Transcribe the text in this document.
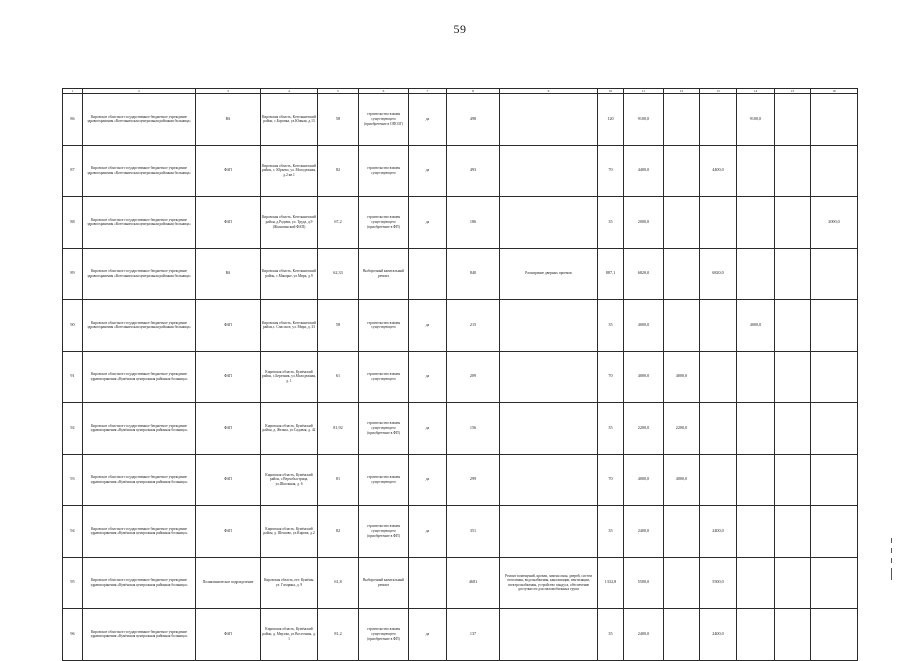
59
1	2	3	4	5	6	7	8	9	10	11	12	13	14	15	16
86	Кировское областное государственное бюджетное учреждение здравоохранения «Котельничская центральная районная больница»	ВА	Кировская область, Котельничский район, с.Боровка, ул.Южная, д.13	58	строительство взамен существующего (приобретение в ОПОЗГ)	да	498		120	9100,0			9100,0		
87	Кировское областное государственное бюджетное учреждение здравоохранения «Котельничская центральная районная больница»	ФАП	Кировская область, Котельничский район, с. Юрьево, ул. Молодежная, д.2 кв.1	82	строительство взамен существующего	да	493		70	4400,0		4400,0			
88	Кировское областное государственное бюджетное учреждение здравоохранения «Котельничская центральная районная больница»	ФАП	Кировская область, Котельничский район, д.Родичи, ул. Труда, д.9 (Жалыгинский ФАП)	67,2	строительство взамен существующего (приобретение в ФП)	да	186		35	2000,0					2000,0
89	Кировское областное государственное бюджетное учреждение здравоохранения «Котельничская центральная районная больница»	ВА	Кировская область, Котельничский район, с.Макарье, ул.Мира, д.9	62,33	Выборочный капитальный ремонт		840	Расширение дверных проемов	887,1	6820,0		6820,0			
90	Кировское областное государственное бюджетное учреждение здравоохранения «Котельничская центральная районная больница»	ФАП	Кировская область, Котельничский район,с. Спасское, ул. Мира, д. 33	58	строительство взамен существующего	да	215		35	4000,0			4000,0		
91	Кировское областное государственное бюджетное учреждение здравоохранения «Кумёнская центральная районная больница»	ФАП	Кировская область, Кумёнский район, с.Березник, ул.Молодежная, д. 1	61	строительство взамен существующего	да	209		70	4000,0	4000,0				
92	Кировское областное государственное бюджетное учреждение здравоохранения «Кумёнская центральная районная больница»	ФАП	Кировская область, Кумёнский район, д. Желны, ул.Садовая, д. 42	81,92	строительство взамен существующего (приобретение в ФП)	да	156		35	2200,0	2200,0				
93	Кировское областное государственное бюджетное учреждение здравоохранения «Кумёнская центральная районная больница»	ФАП	Кировская область, Кумёнский район, с.Верхобыстрица, ул.Школьная, д. 6	81	строительство взамен существующего	да	299		70	4000,0	4000,0				
94	Кировское областное государственное бюджетное учреждение здравоохранения «Кумёнская центральная районная больница»	ФАП	Кировская область, Кумёнский район, д. Шешово, ул.Кирова, д.2	82	строительство взамен существующего (приобретение в ФП)	да	351		35	2400,0		2400,0			
95	Кировское областное государственное бюджетное учреждение здравоохранения «Кумёнская центральная районная больница»	Поликлиническое подразделение	Кировская область, пгт. Кумёны, ул. Гагарина, д. 9	61,8	Выборочный капитальный ремонт		4681	Ремонт помещений, кровли, замена окон, дверей, систем отопления, водоснабжения, канализации, вентиляции, электроснабжения, устройство пандуса, обеспечение доступности для маломобильных групп	1332,8	5500,0		5500,0			
96	Кировское областное государственное бюджетное учреждение здравоохранения «Кумёнская центральная районная больница»	ФАП	Кировская область, Кумёнский район, д. Мерзлы, ул.Восточная, д. 1	81,2	строительство взамен существующего (приобретение в ФП)	да	137		35	2400,0		2400,0			
